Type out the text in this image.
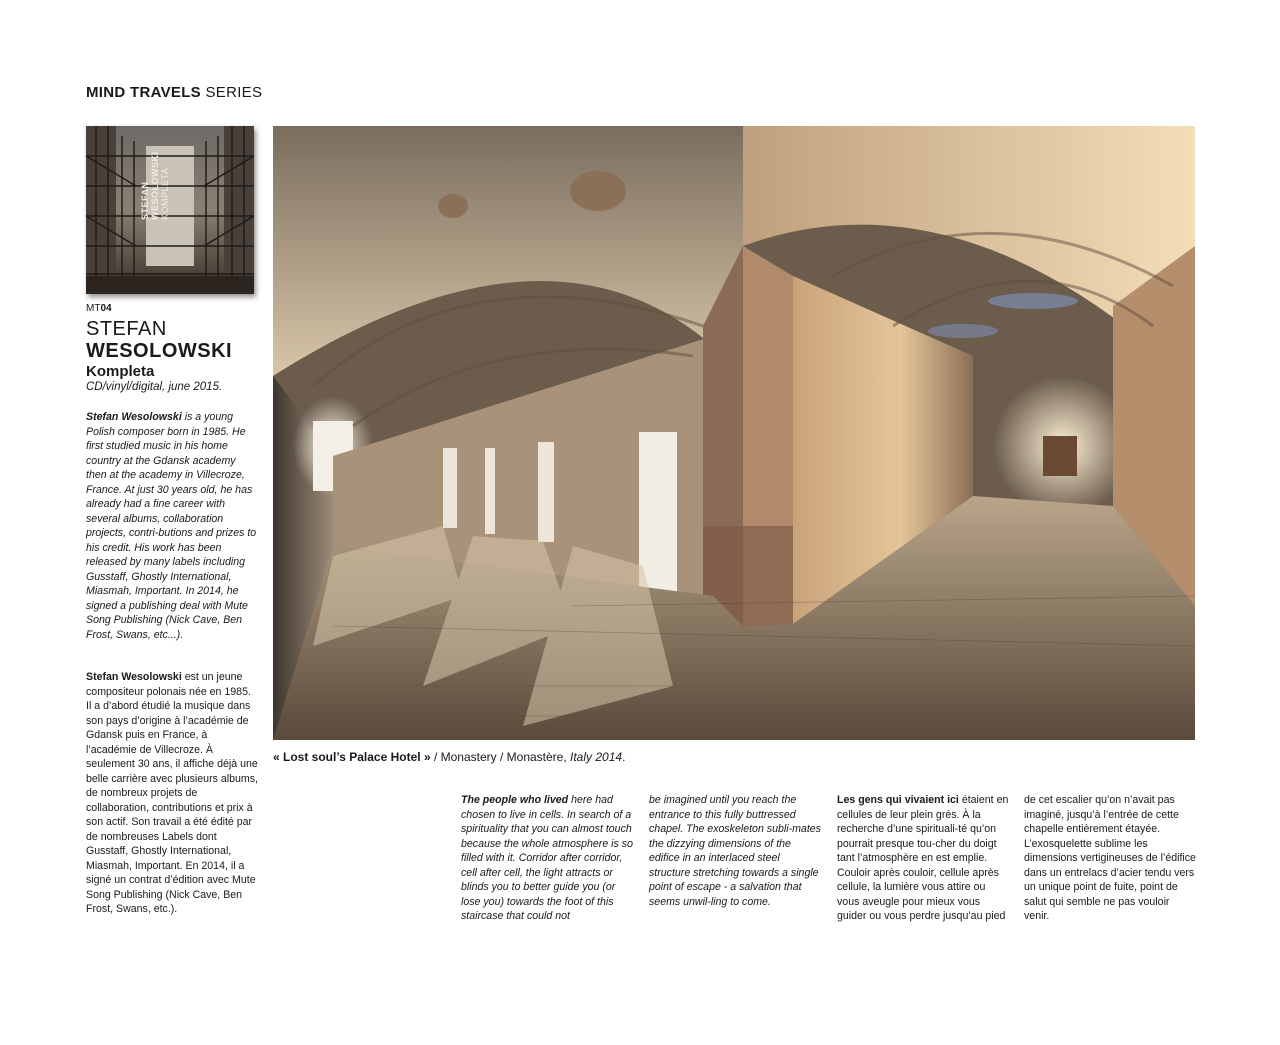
MIND TRAVELS SERIES
STEFAN WESOLOWSKI KOMPLETA
MT04
STEFAN
WESOLOWSKI
Kompleta
CD/vinyl/digital, june 2015.

Stefan Wesolowski is a young Polish composer born in 1985. He first studied music in his home country at the Gdansk academy then at the academy in Villecroze, France. At just 30 years old, he has already had a fine career with several albums, collaboration projects, contri-butions and prizes to his credit. His work has been released by many labels including Gusstaff, Ghostly International, Miasmah, Important. In 2014, he signed a publishing deal with Mute Song Publishing (Nick Cave, Ben Frost, Swans, etc...).

Stefan Wesolowski est un jeune compositeur polonais née en 1985. Il a d’abord étudié la musique dans son pays d’origine à l’académie de Gdansk puis en France, à l’académie de Villecroze. À seulement 30 ans, il affiche déjà une belle carrière avec plusieurs albums, de nombreux projets de collaboration, contributions et prix à son actif. Son travail a été édité par de nombreuses Labels dont Gusstaff, Ghostly International, Miasmah, Important. En 2014, il a signé un contrat d’édition avec Mute Song Publishing (Nick Cave, Ben Frost, Swans, etc.).

« Lost soul’s Palace Hotel » / Monastery / Monastère, Italy 2014.

The people who lived here had chosen to live in cells. In search of a spirituality that you can almost touch because the whole atmosphere is so filled with it. Corridor after corridor, cell after cell, the light attracts or blinds you to better guide you (or lose you) towards the foot of this staircase that could not

be imagined until you reach the entrance to this fully buttressed chapel. The exoskeleton subli-mates the dizzying dimensions of the edifice in an interlaced steel structure stretching towards a single point of escape - a salvation that seems unwil-ling to come.

Les gens qui vivaient ici étaient en cellules de leur plein grés. À la recherche d’une spirituali-té qu’on pourrait presque tou-cher du doigt tant l’atmosphère en est emplie. Couloir après couloir, cellule après cellule, la lumière vous attire ou vous aveugle pour mieux vous guider ou vous perdre jusqu’au pied

de cet escalier qu’on n’avait pas imaginé, jusqu’à l’entrée de cette chapelle entièrement étayée. L’exosquelette sublime les dimensions vertigineuses de l’édifice dans un entrelacs d’acier tendu vers un unique point de fuite, point de salut qui semble ne pas vouloir venir.
